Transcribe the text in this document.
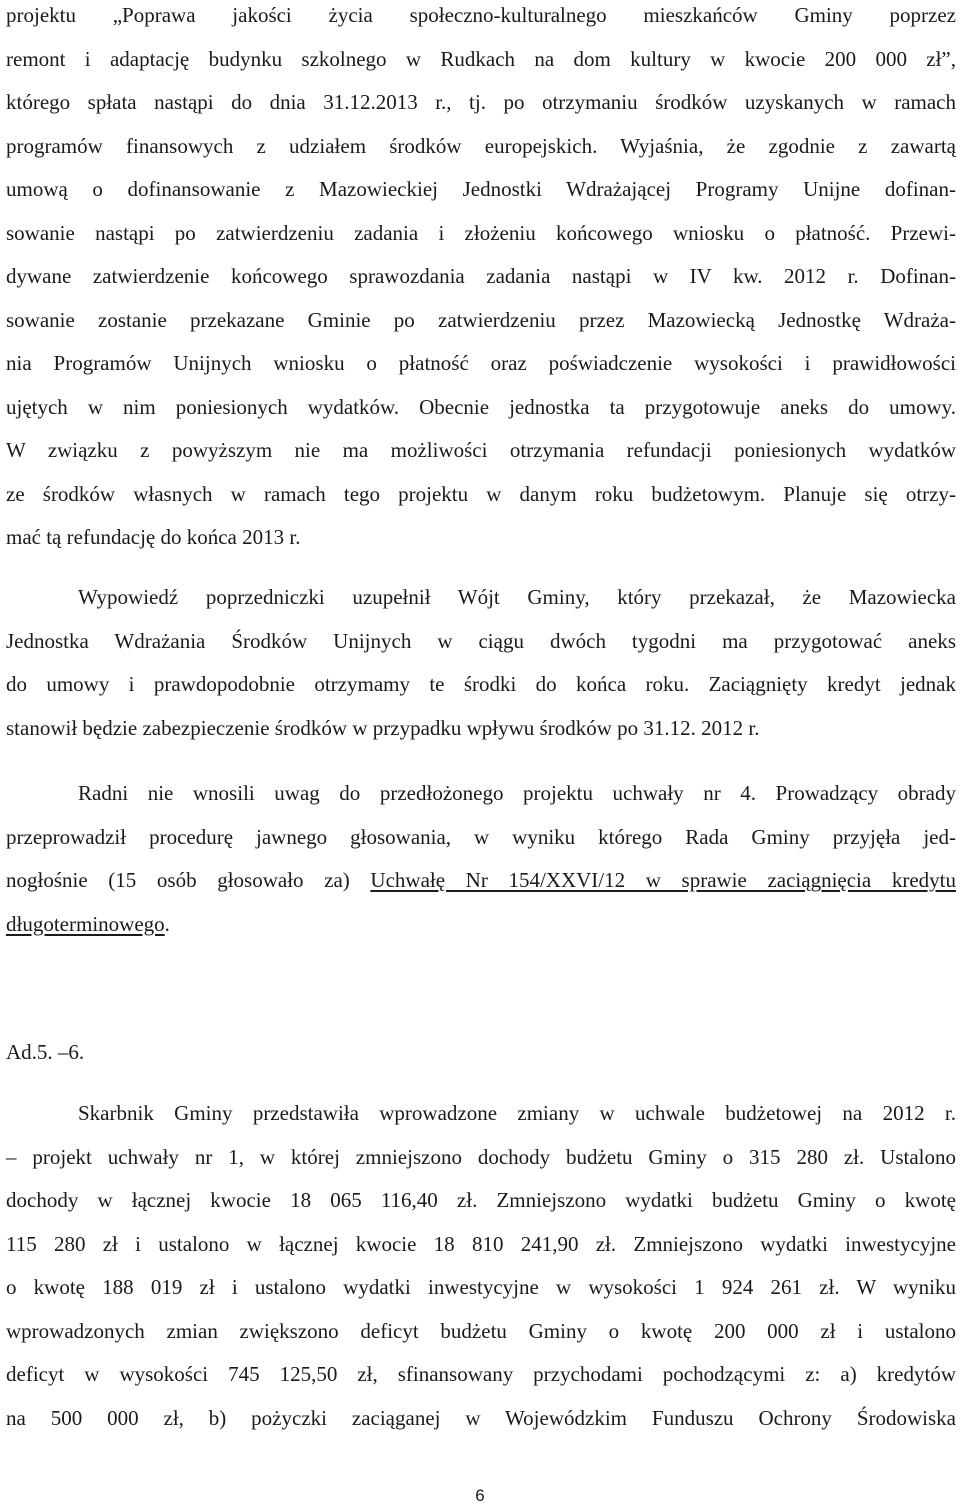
projektu „Poprawa jakości życia społeczno-kulturalnego mieszkańców Gminy poprzez
remont i adaptację budynku szkolnego w Rudkach na dom kultury w kwocie 200 000 zł”,
którego spłata nastąpi do dnia 31.12.2013 r., tj. po otrzymaniu środków uzyskanych w ramach
programów finansowych z udziałem środków europejskich. Wyjaśnia, że zgodnie z zawartą
umową o dofinansowanie z Mazowieckiej Jednostki Wdrażającej Programy Unijne dofinan-
sowanie nastąpi po zatwierdzeniu zadania i złożeniu końcowego wniosku o płatność. Przewi-
dywane zatwierdzenie końcowego sprawozdania zadania nastąpi w IV kw. 2012 r. Dofinan-
sowanie zostanie przekazane Gminie po zatwierdzeniu przez Mazowiecką Jednostkę Wdraża-
nia Programów Unijnych wniosku o płatność oraz poświadczenie wysokości i prawidłowości
ujętych w nim poniesionych wydatków. Obecnie jednostka ta przygotowuje aneks do umowy.
W związku z powyższym nie ma możliwości otrzymania refundacji poniesionych wydatków
ze środków własnych w ramach tego projektu w danym roku budżetowym. Planuje się otrzy-
mać tą refundację do końca 2013 r.
Wypowiedź poprzedniczki uzupełnił Wójt Gminy, który przekazał, że Mazowiecka
Jednostka Wdrażania Środków Unijnych w ciągu dwóch tygodni ma przygotować aneks
do umowy i prawdopodobnie otrzymamy te środki do końca roku. Zaciągnięty kredyt jednak
stanowił będzie zabezpieczenie środków w przypadku wpływu środków po 31.12. 2012 r.
Radni nie wnosili uwag do przedłożonego projektu uchwały nr 4. Prowadzący obrady
przeprowadził procedurę jawnego głosowania, w wyniku którego Rada Gminy przyjęła jed-
nogłośnie (15 osób głosowało za) Uchwałę Nr 154/XXVI/12 w sprawie zaciągnięcia kredytu
długoterminowego.

Ad.5. –6.

Skarbnik Gminy przedstawiła wprowadzone zmiany w uchwale budżetowej na 2012 r.
– projekt uchwały nr 1, w której zmniejszono dochody budżetu Gminy o 315 280 zł. Ustalono
dochody w łącznej kwocie 18 065 116,40 zł. Zmniejszono wydatki budżetu Gminy o kwotę
115 280 zł i ustalono w łącznej kwocie 18 810 241,90 zł. Zmniejszono wydatki inwestycyjne
o kwotę 188 019 zł i ustalono wydatki inwestycyjne w wysokości 1 924 261 zł. W wyniku
wprowadzonych zmian zwiększono deficyt budżetu Gminy o kwotę 200 000 zł i ustalono
deficyt w wysokości 745 125,50 zł, sfinansowany przychodami pochodzącymi z: a) kredytów
na 500 000 zł, b) pożyczki zaciąganej w Wojewódzkim Funduszu Ochrony Środowiska
6
